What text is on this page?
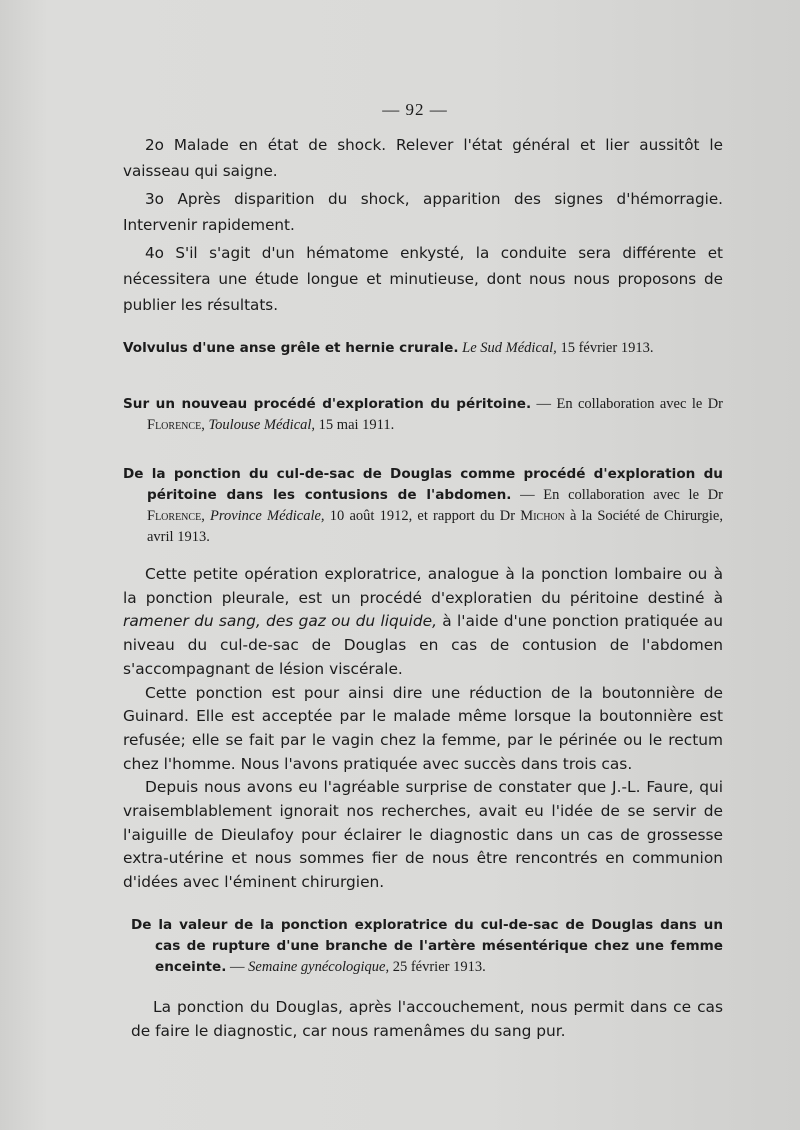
— 92 —

2o Malade en état de shock. Relever l'état général et lier aussitôt le vaisseau qui saigne.

3o Après disparition du shock, apparition des signes d'hémorragie. Intervenir rapidement.

4o S'il s'agit d'un hématome enkysté, la conduite sera différente et nécessitera une étude longue et minutieuse, dont nous nous proposons de publier les résultats.

Volvulus d'une anse grêle et hernie crurale. Le Sud Médical, 15 février 1913.

Sur un nouveau procédé d'exploration du péritoine. — En collaboration avec le Dr Florence, Toulouse Médical, 15 mai 1911.

De la ponction du cul-de-sac de Douglas comme procédé d'exploration du péritoine dans les contusions de l'abdomen. — En collaboration avec le Dr Florence, Province Médicale, 10 août 1912, et rapport du Dr Michon à la Société de Chirurgie, avril 1913.

Cette petite opération exploratrice, analogue à la ponction lombaire ou à la ponction pleurale, est un procédé d'exploratien du péritoine destiné à ramener du sang, des gaz ou du liquide, à l'aide d'une ponction pratiquée au niveau du cul-de-sac de Douglas en cas de contusion de l'abdomen s'accompagnant de lésion viscérale.

Cette ponction est pour ainsi dire une réduction de la boutonnière de Guinard. Elle est acceptée par le malade même lorsque la boutonnière est refusée; elle se fait par le vagin chez la femme, par le périnée ou le rectum chez l'homme. Nous l'avons pratiquée avec succès dans trois cas.

Depuis nous avons eu l'agréable surprise de constater que J.-L. Faure, qui vraisemblablement ignorait nos recherches, avait eu l'idée de se servir de l'aiguille de Dieulafoy pour éclairer le diagnostic dans un cas de grossesse extra-utérine et nous sommes fier de nous être rencontrés en communion d'idées avec l'éminent chirurgien.

De la valeur de la ponction exploratrice du cul-de-sac de Douglas dans un cas de rupture d'une branche de l'artère mésentérique chez une femme enceinte. — Semaine gynécologique, 25 février 1913.

La ponction du Douglas, après l'accouchement, nous permit dans ce cas de faire le diagnostic, car nous ramenâmes du sang pur.
